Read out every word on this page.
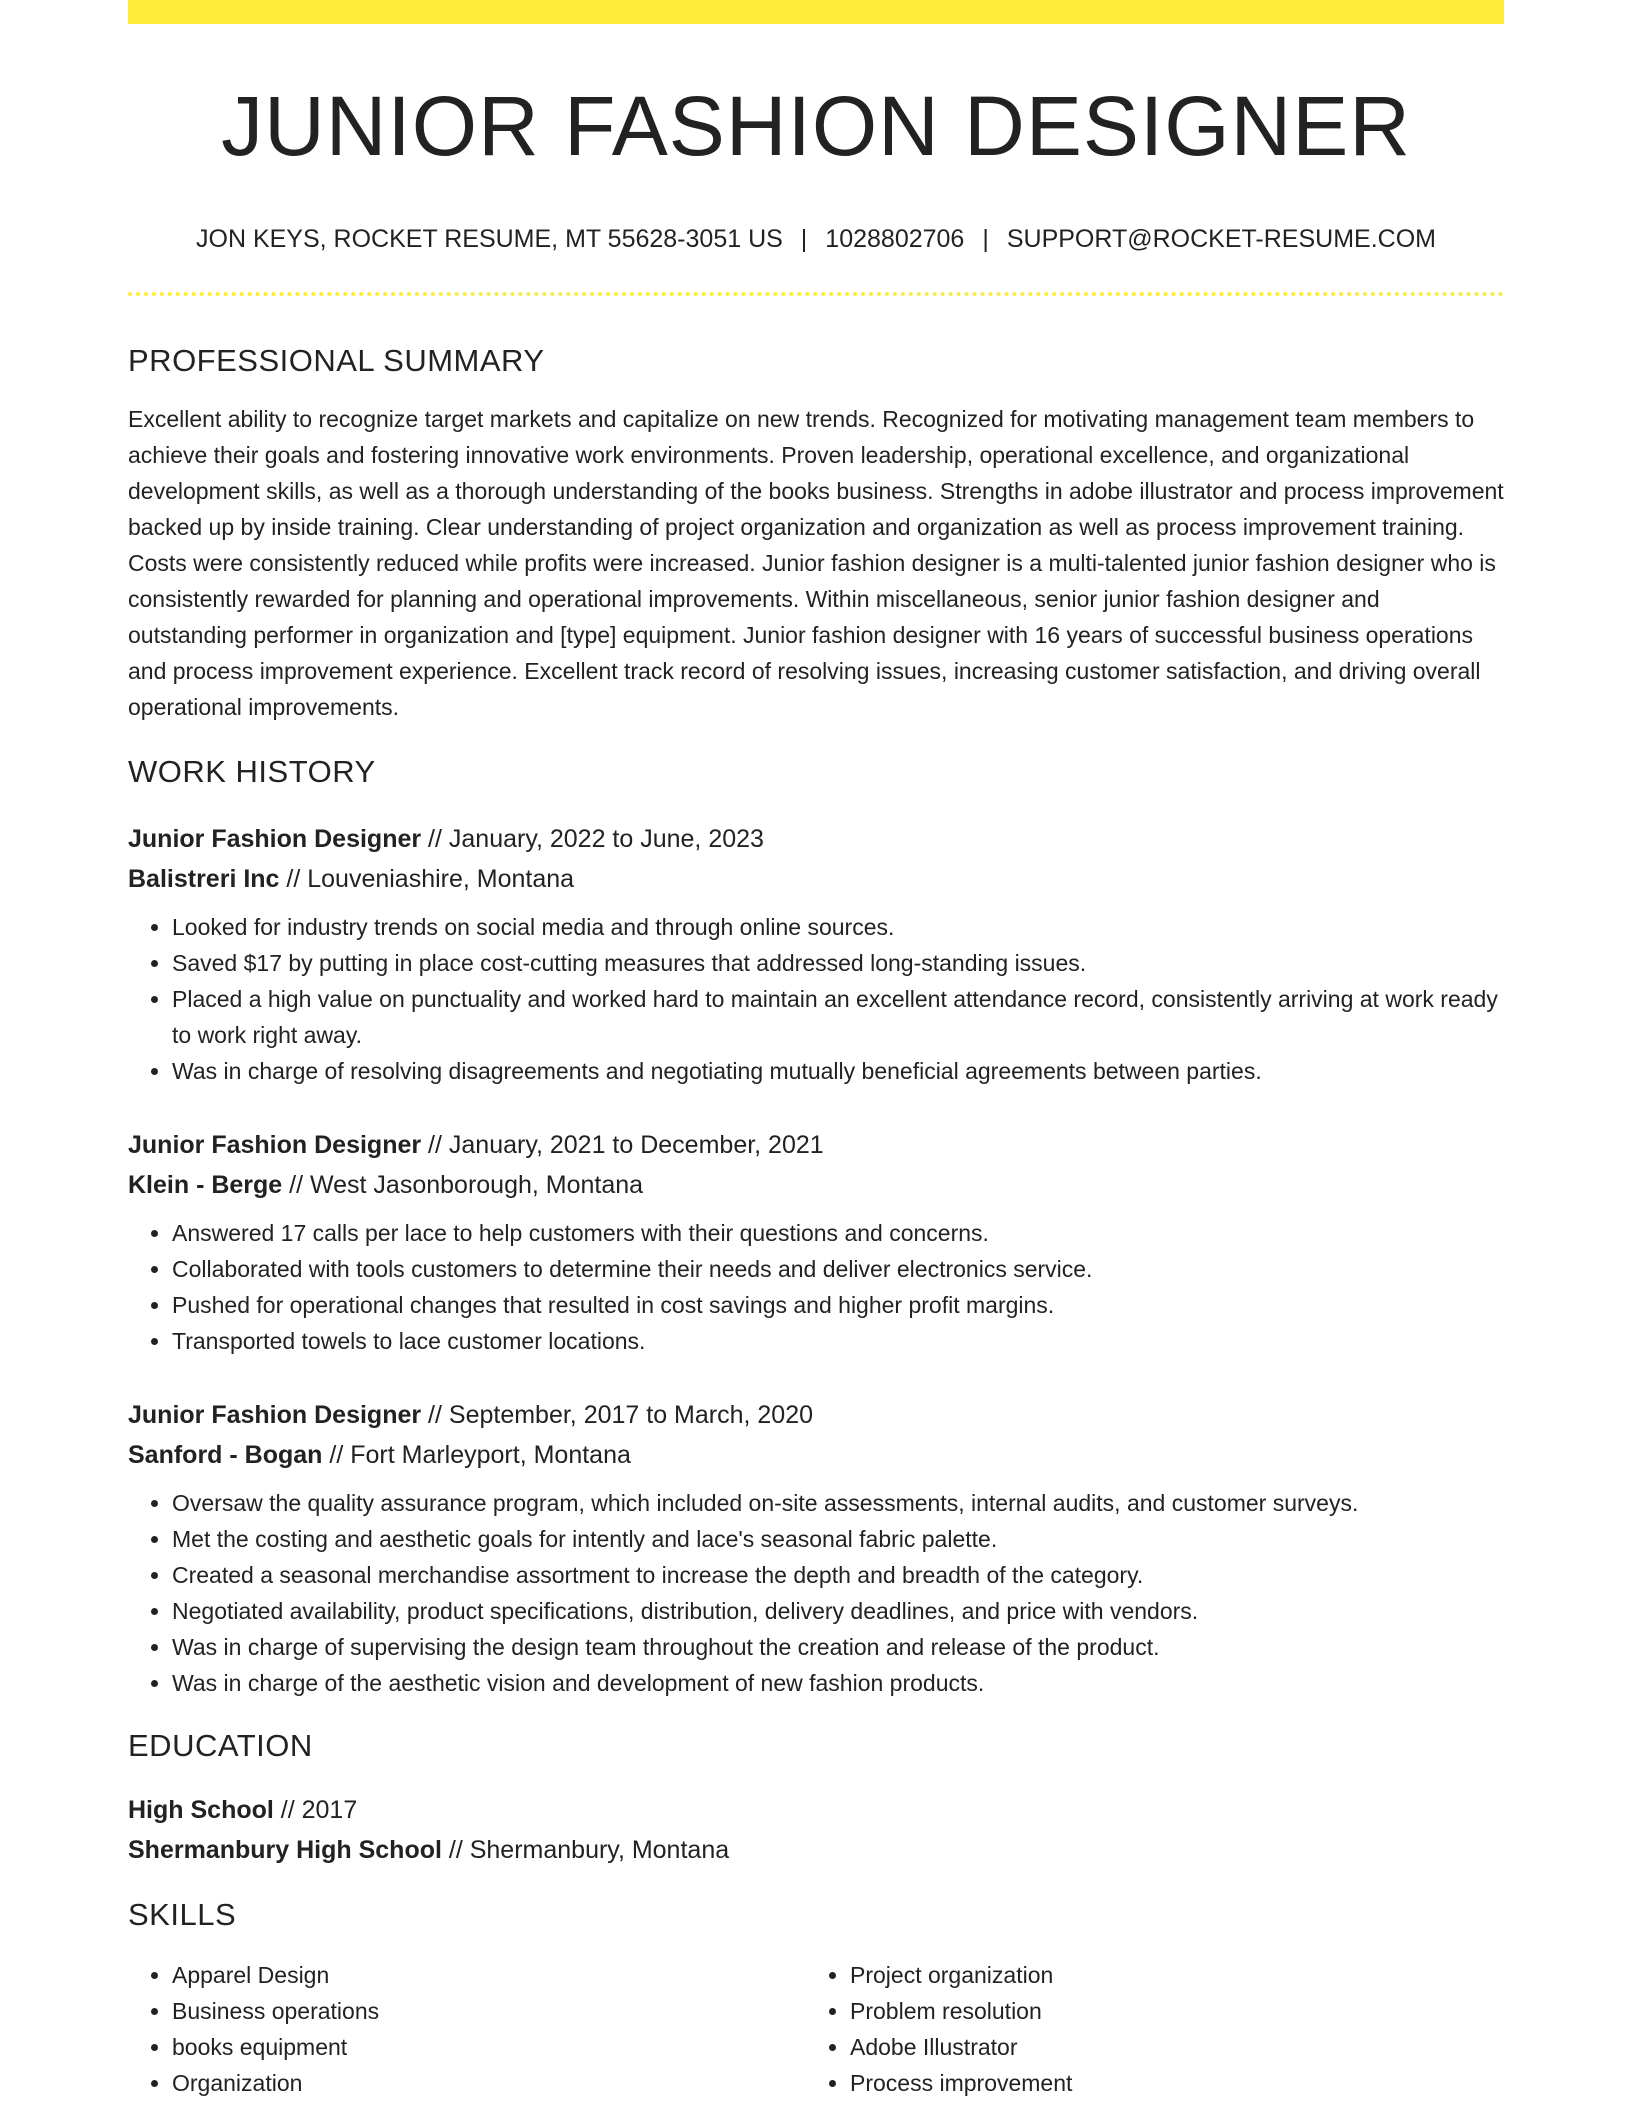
JUNIOR FASHION DESIGNER
JON KEYS, ROCKET RESUME, MT 55628-3051 US | 1028802706 | SUPPORT@ROCKET-RESUME.COM
PROFESSIONAL SUMMARY

Excellent ability to recognize target markets and capitalize on new trends. Recognized for motivating management team members to achieve their goals and fostering innovative work environments. Proven leadership, operational excellence, and organizational development skills, as well as a thorough understanding of the books business. Strengths in adobe illustrator and process improvement backed up by inside training. Clear understanding of project organization and organization as well as process improvement training. Costs were consistently reduced while profits were increased. Junior fashion designer is a multi-talented junior fashion designer who is consistently rewarded for planning and operational improvements. Within miscellaneous, senior junior fashion designer and outstanding performer in organization and [type] equipment. Junior fashion designer with 16 years of successful business operations and process improvement experience. Excellent track record of resolving issues, increasing customer satisfaction, and driving overall operational improvements.

WORK HISTORY
Junior Fashion Designer // January, 2022 to June, 2023
Balistreri Inc // Louveniashire, Montana
• Looked for industry trends on social media and through online sources.
• Saved $17 by putting in place cost-cutting measures that addressed long-standing issues.
• Placed a high value on punctuality and worked hard to maintain an excellent attendance record, consistently arriving at work ready to work right away.
• Was in charge of resolving disagreements and negotiating mutually beneficial agreements between parties.
Junior Fashion Designer // January, 2021 to December, 2021
Klein - Berge // West Jasonborough, Montana
• Answered 17 calls per lace to help customers with their questions and concerns.
• Collaborated with tools customers to determine their needs and deliver electronics service.
• Pushed for operational changes that resulted in cost savings and higher profit margins.
• Transported towels to lace customer locations.
Junior Fashion Designer // September, 2017 to March, 2020
Sanford - Bogan // Fort Marleyport, Montana
• Oversaw the quality assurance program, which included on-site assessments, internal audits, and customer surveys.
• Met the costing and aesthetic goals for intently and lace's seasonal fabric palette.
• Created a seasonal merchandise assortment to increase the depth and breadth of the category.
• Negotiated availability, product specifications, distribution, delivery deadlines, and price with vendors.
• Was in charge of supervising the design team throughout the creation and release of the product.
• Was in charge of the aesthetic vision and development of new fashion products.
EDUCATION
High School // 2017
Shermanbury High School // Shermanbury, Montana
SKILLS
• Apparel Design
• Business operations
• books equipment
• Organization
• Project organization
• Problem resolution
• Adobe Illustrator
• Process improvement
